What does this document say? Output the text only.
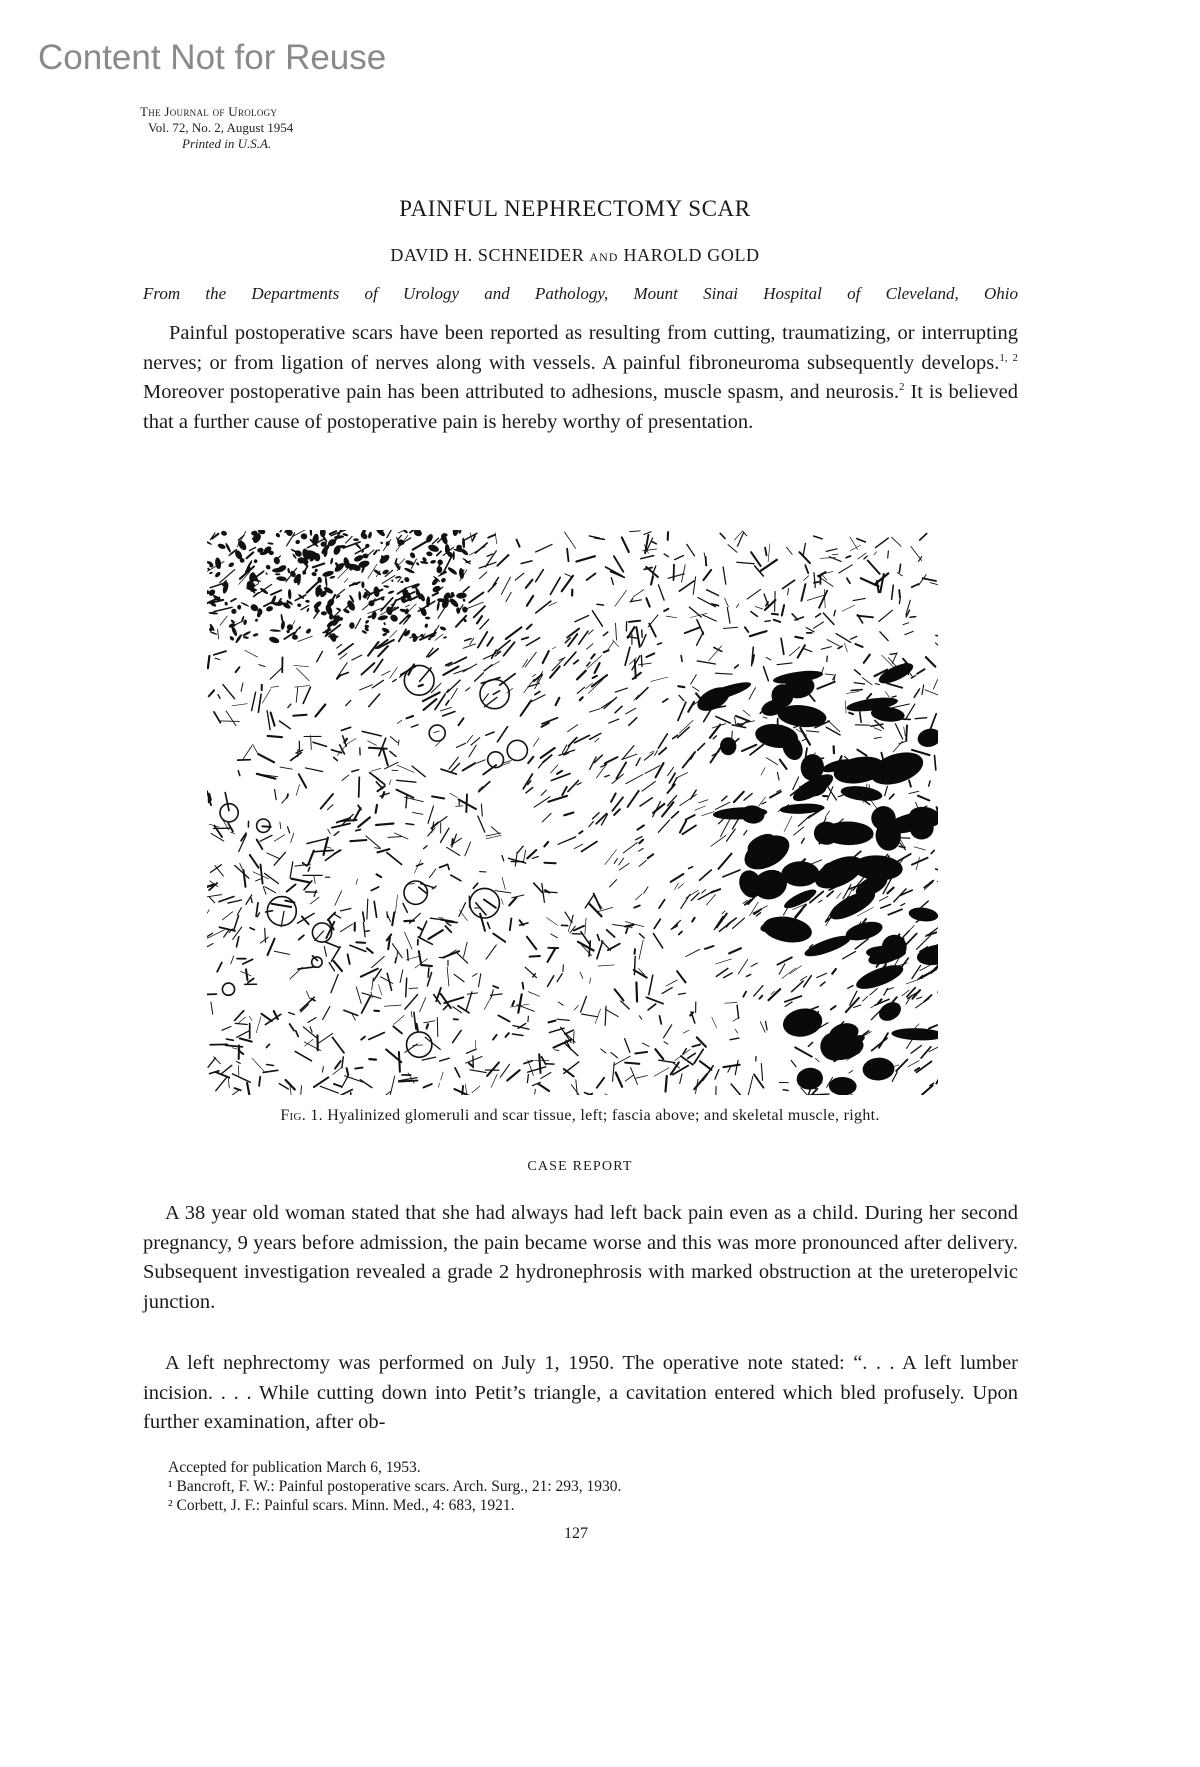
Content Not for Reuse
The Journal of Urology
Vol. 72, No. 2, August 1954
Printed in U.S.A.
PAINFUL NEPHRECTOMY SCAR
DAVID H. SCHNEIDER AND HAROLD GOLD
From the Departments of Urology and Pathology, Mount Sinai Hospital of Cleveland, Ohio

Painful postoperative scars have been reported as resulting from cutting, traumatizing, or interrupting nerves; or from ligation of nerves along with vessels. A painful fibroneuroma subsequently develops.$^{1, 2}$ Moreover postoperative pain has been attributed to adhesions, muscle spasm, and neurosis.$^2$ It is believed that a further cause of postoperative pain is hereby worthy of presentation.

Fig. 1. Hyalinized glomeruli and scar tissue, left; fascia above; and skeletal muscle, right.
CASE REPORT

A 38 year old woman stated that she had always had left back pain even as a child. During her second pregnancy, 9 years before admission, the pain became worse and this was more pronounced after delivery. Subsequent investigation revealed a grade 2 hydronephrosis with marked obstruction at the ureteropelvic junction.

A left nephrectomy was performed on July 1, 1950. The operative note stated: “. . . A left lumber incision. . . . While cutting down into Petit’s triangle, a cavitation entered which bled profusely. Upon further examination, after ob-

Accepted for publication March 6, 1953.
¹ Bancroft, F. W.: Painful postoperative scars. Arch. Surg., 21: 293, 1930.
² Corbett, J. F.: Painful scars. Minn. Med., 4: 683, 1921.
127
